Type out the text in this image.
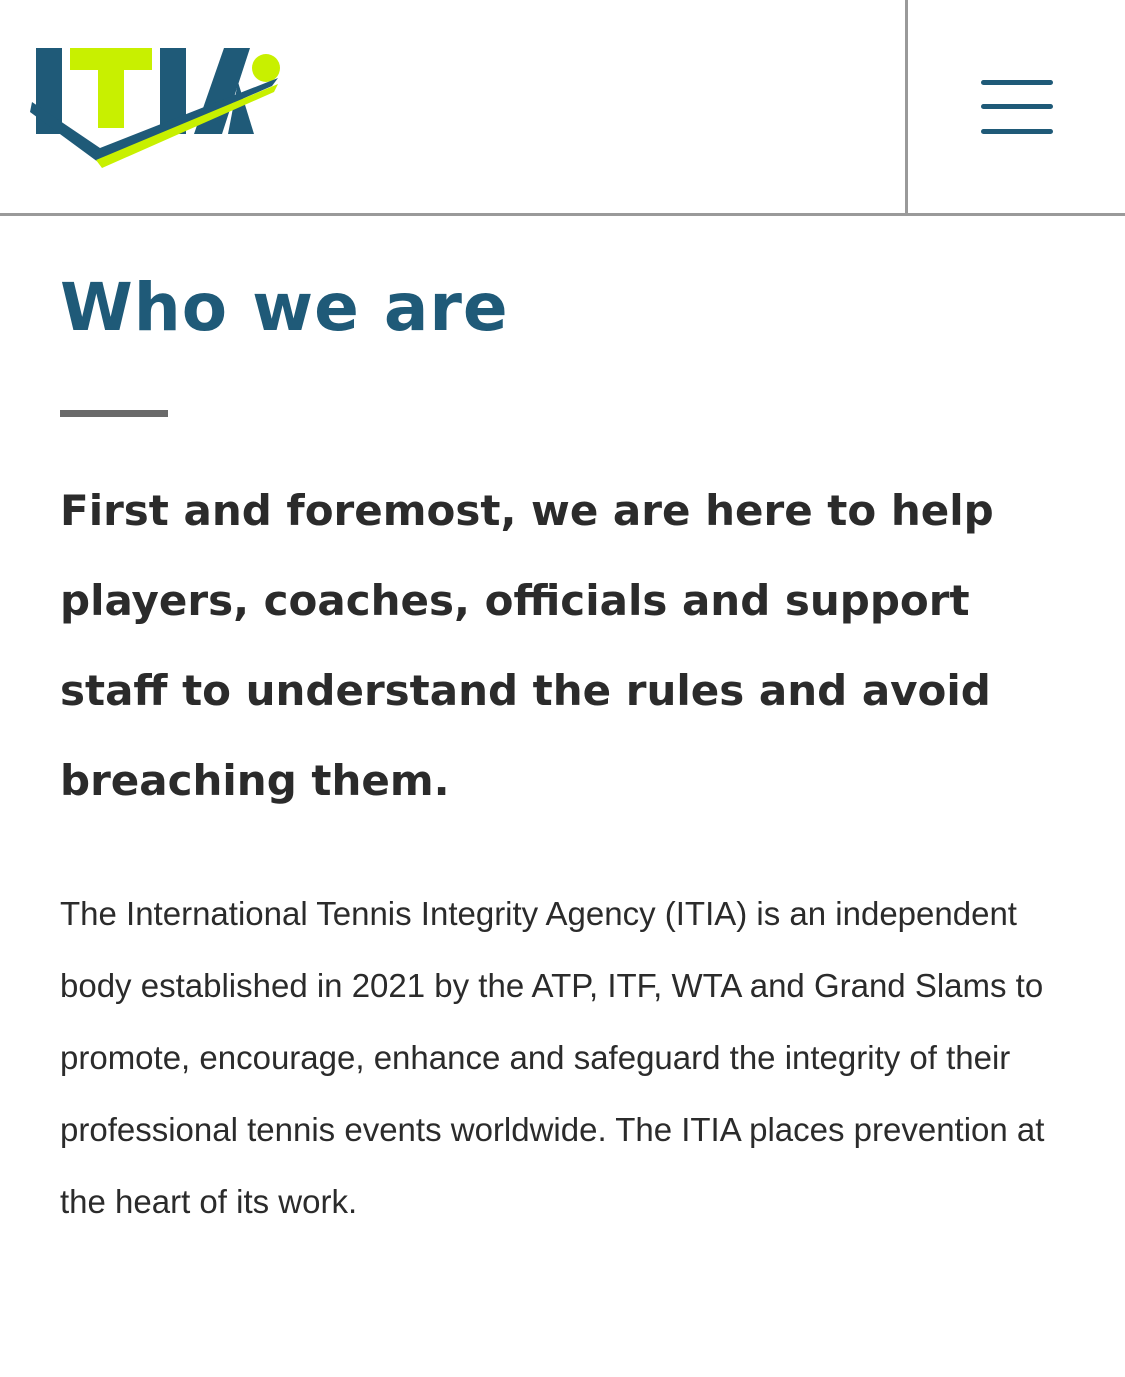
Who we are

First and foremost, we are here to help players, coaches, officials and support staff to understand the rules and avoid breaching them.

The International Tennis Integrity Agency (ITIA) is an independent body established in 2021 by the ATP, ITF, WTA and Grand Slams to promote, encourage, enhance and safeguard the integrity of their professional tennis events worldwide. The ITIA places prevention at the heart of its work.
